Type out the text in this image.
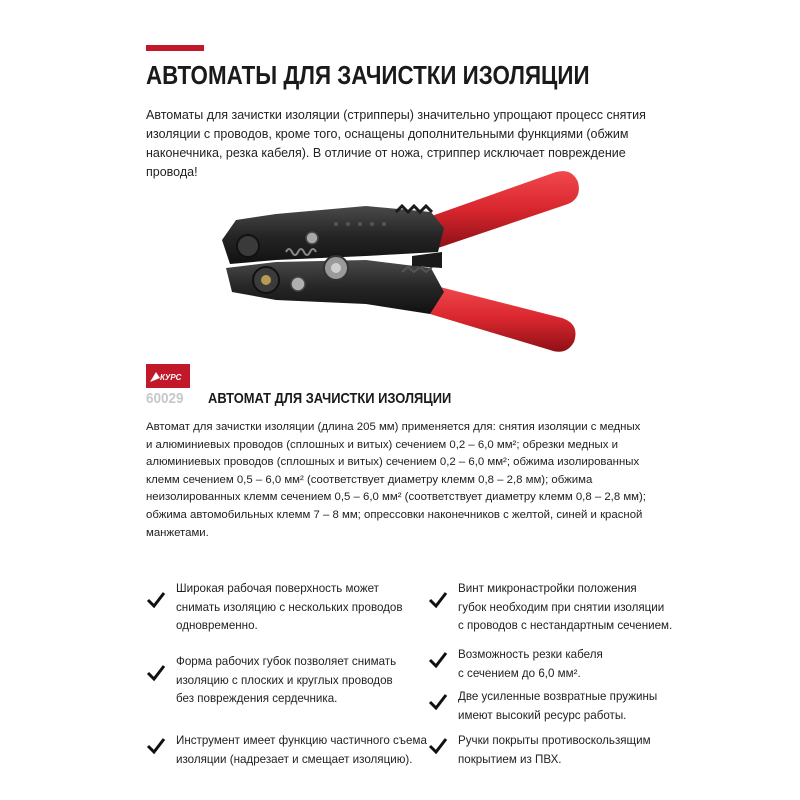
АВТОМАТЫ ДЛЯ ЗАЧИСТКИ ИЗОЛЯЦИИ

Автоматы для зачистки изоляции (стрипперы) значительно упрощают процесс снятия изоляции с проводов, кроме того, оснащены дополнительными функциями (обжим наконечника, резка кабеля). В отличие от ножа, стриппер исключает повреждение провода!

КУРС
60029 АВТОМАТ ДЛЯ ЗАЧИСТКИ ИЗОЛЯЦИИ

Автомат для зачистки изоляции (длина 205 мм) применяется для: снятия изоляции с медных и алюминиевых проводов (сплошных и витых) сечением 0,2 – 6,0 мм²; обрезки медных и алюминиевых проводов (сплошных и витых) сечением 0,2 – 6,0 мм²; обжима изолированных клемм сечением 0,5 – 6,0 мм² (соответствует диаметру клемм 0,8 – 2,8 мм); обжима неизолированных клемм сечением 0,5 – 6,0 мм² (соответствует диаметру клемм 0,8 – 2,8 мм); обжима автомобильных клемм 7 – 8 мм; опрессовки наконечников с желтой, синей и красной манжетами.

Широкая рабочая поверхность может
снимать изоляцию с нескольких проводов
одновременно.
Форма рабочих губок позволяет снимать
изоляцию с плоских и круглых проводов
без повреждения сердечника.
Инструмент имеет функцию частичного съема
изоляции (надрезает и смещает изоляцию).
Винт микронастройки положения
губок необходим при снятии изоляции
с проводов с нестандартным сечением.
Возможность резки кабеля
с сечением до 6,0 мм².
Две усиленные возвратные пружины
имеют высокий ресурс работы.
Ручки покрыты противоскользящим
покрытием из ПВХ.
